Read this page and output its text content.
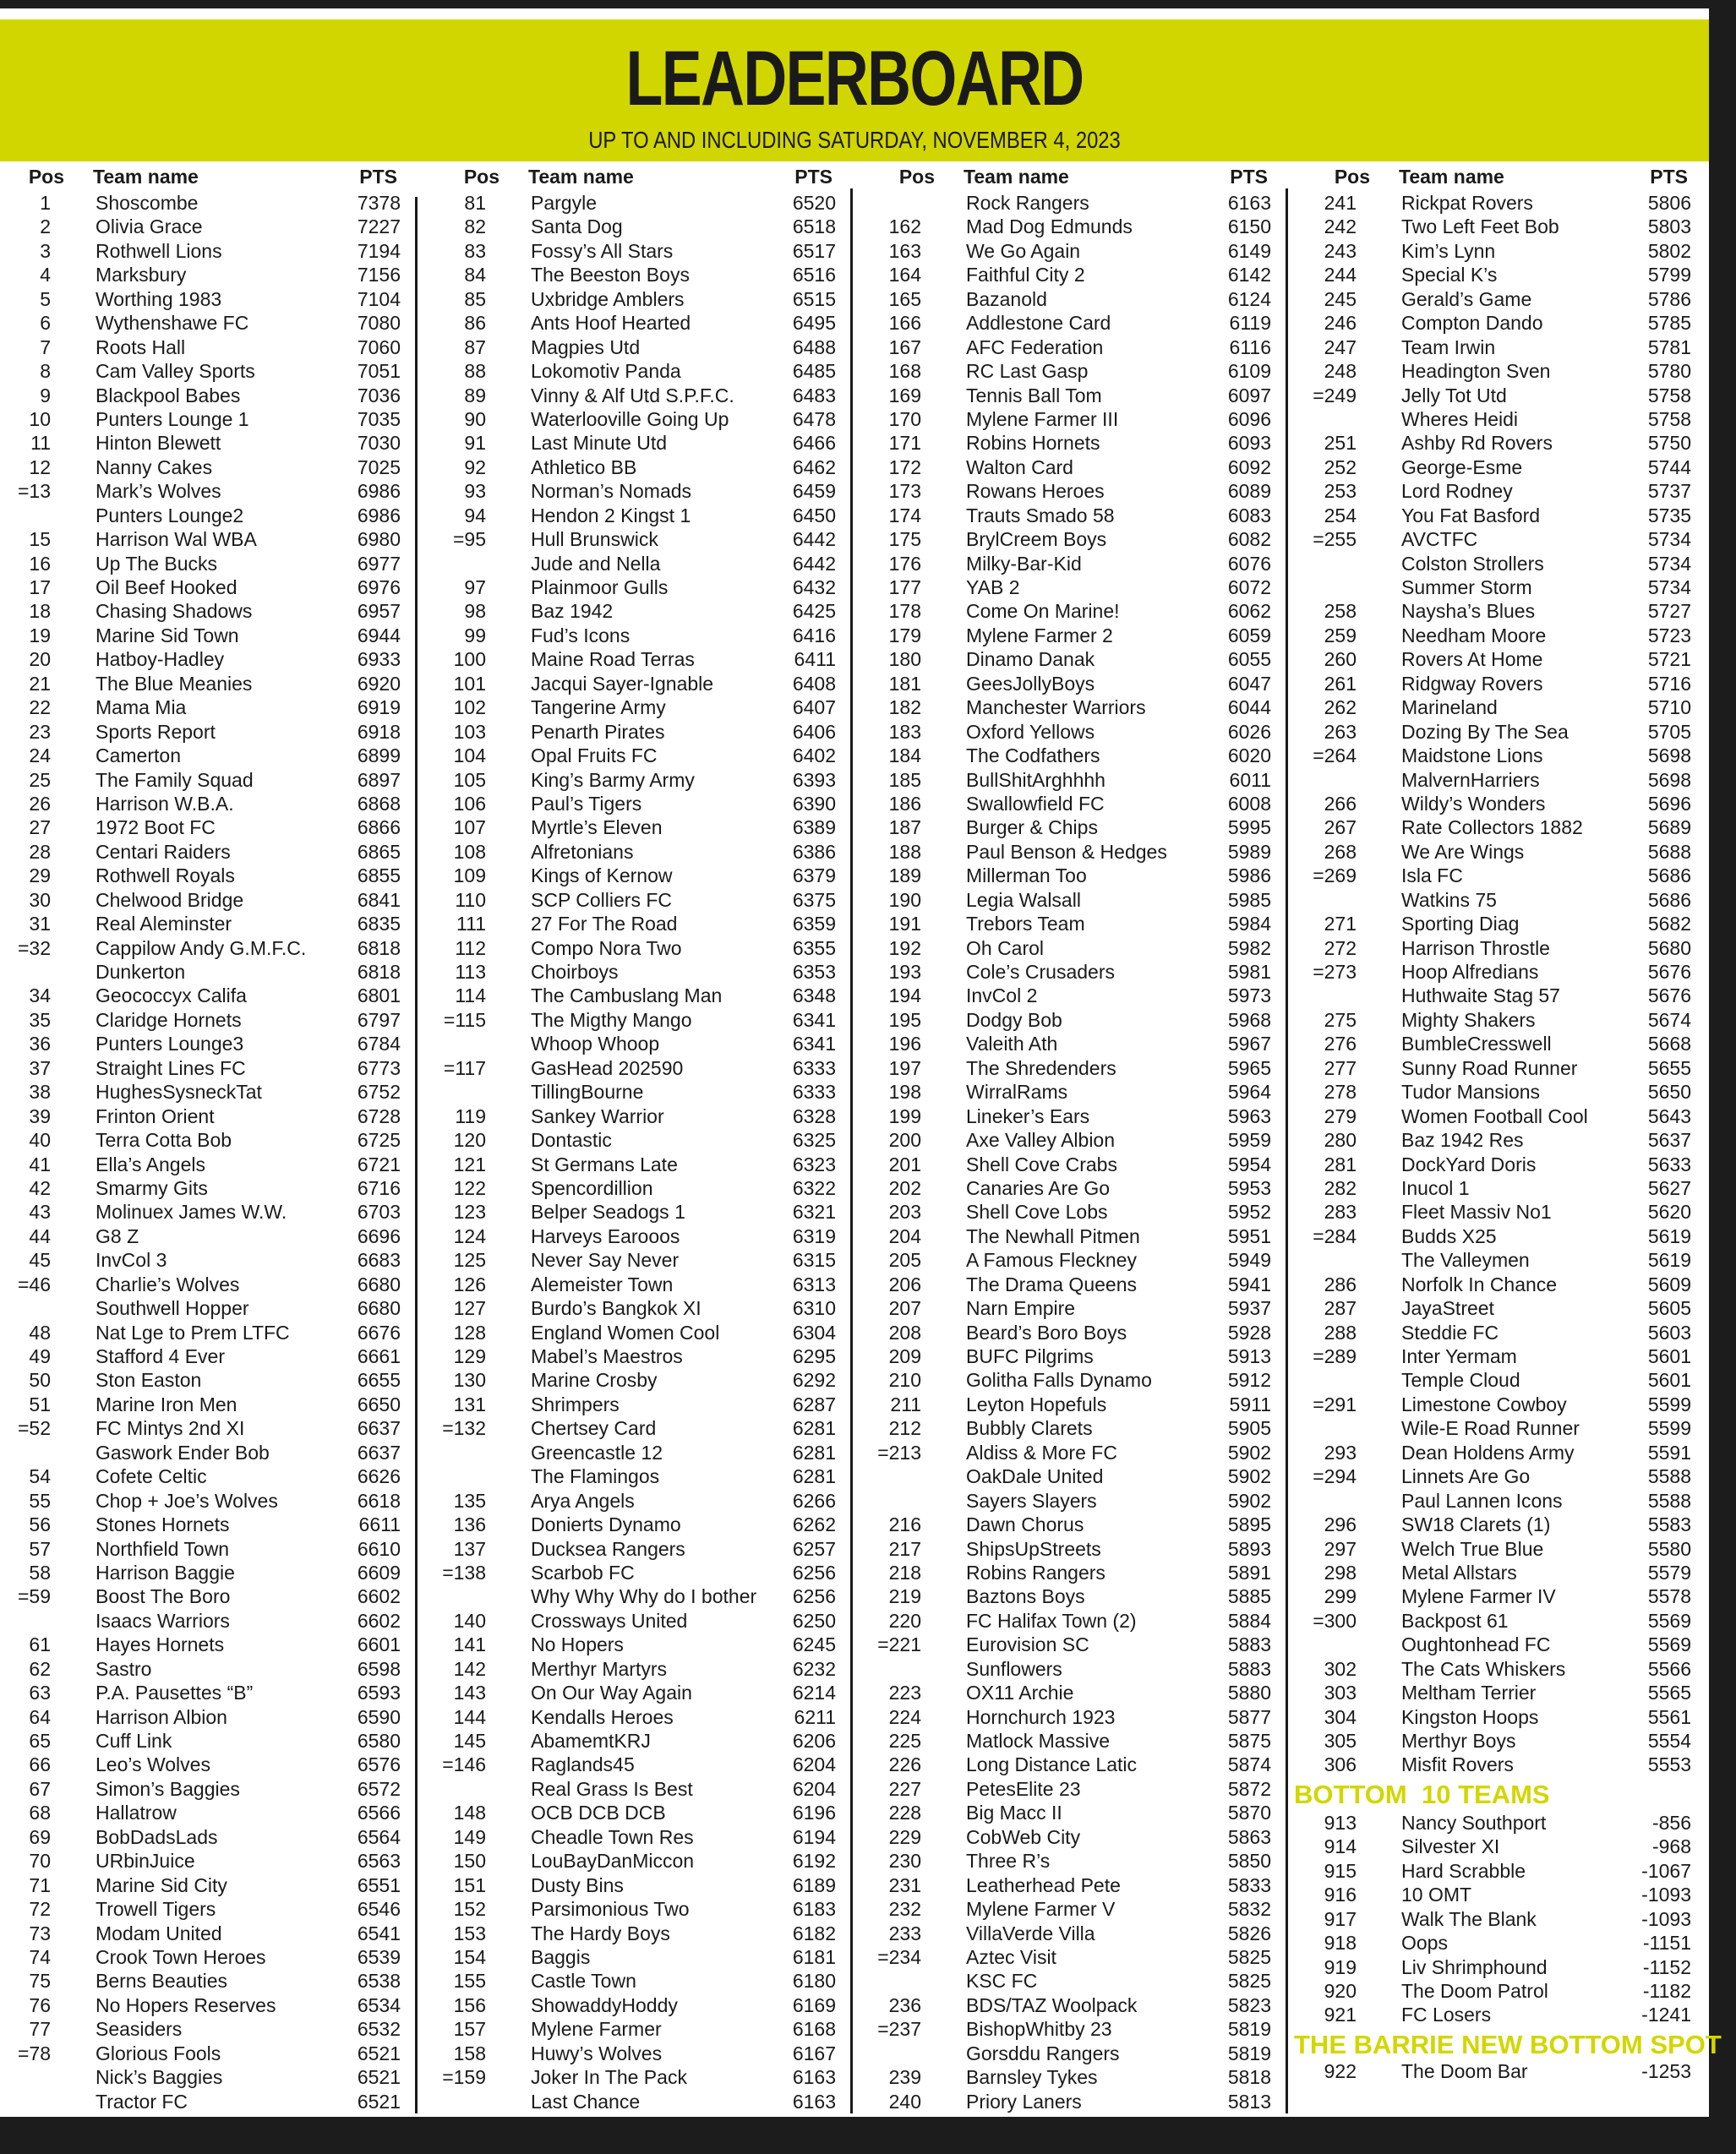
LEADERBOARD
UP TO AND INCLUDING SATURDAY, NOVEMBER 4, 2023
Pos Team name	PTS
1 Shoscombe	7378
2 Olivia Grace	7227
3 Rothwell Lions	7194
4 Marksbury	7156
5 Worthing 1983	7104
6 Wythenshawe FC	7080
7 Roots Hall	7060
8 Cam Valley Sports	7051
9 Blackpool Babes	7036
10 Punters Lounge 1	7035
11 Hinton Blewett	7030
12 Nanny Cakes	7025
=13 Mark’s Wolves	6986
Punters Lounge2	6986
15 Harrison Wal WBA	6980
16 Up The Bucks	6977
17 Oil Beef Hooked	6976
18 Chasing Shadows	6957
19 Marine Sid Town	6944
20 Hatboy-Hadley	6933
21 The Blue Meanies	6920
22 Mama Mia	6919
23 Sports Report	6918
24 Camerton	6899
25 The Family Squad	6897
26 Harrison W.B.A.	6868
27 1972 Boot FC	6866
28 Centari Raiders	6865
29 Rothwell Royals	6855
30 Chelwood Bridge	6841
31 Real Aleminster	6835
=32 Cappilow Andy G.M.F.C.	6818
Dunkerton	6818
34 Geococcyx Califa	6801
35 Claridge Hornets	6797
36 Punters Lounge3	6784
37 Straight Lines FC	6773
38 HughesSysneckTat	6752
39 Frinton Orient	6728
40 Terra Cotta Bob	6725
41 Ella’s Angels	6721
42 Smarmy Gits	6716
43 Molinuex James W.W.	6703
44 G8 Z	6696
45 InvCol 3	6683
=46 Charlie’s Wolves	6680
Southwell Hopper	6680
48 Nat Lge to Prem LTFC	6676
49 Stafford 4 Ever	6661
50 Ston Easton	6655
51 Marine Iron Men	6650
=52 FC Mintys 2nd XI	6637
Gaswork Ender Bob	6637
54 Cofete Celtic	6626
55 Chop + Joe’s Wolves	6618
56 Stones Hornets	6611
57 Northfield Town	6610
58 Harrison Baggie	6609
=59 Boost The Boro	6602
Isaacs Warriors	6602
61 Hayes Hornets	6601
62 Sastro	6598
63 P.A. Pausettes “B”	6593
64 Harrison Albion	6590
65 Cuff Link	6580
66 Leo’s Wolves	6576
67 Simon’s Baggies	6572
68 Hallatrow	6566
69 BobDadsLads	6564
70 URbinJuice	6563
71 Marine Sid City	6551
72 Trowell Tigers	6546
73 Modam United	6541
74 Crook Town Heroes	6539
75 Berns Beauties	6538
76 No Hopers Reserves	6534
77 Seasiders	6532
=78 Glorious Fools	6521
Nick’s Baggies	6521
Tractor FC	6521
Pos Team name	PTS
81 Pargyle	6520
82 Santa Dog	6518
83 Fossy’s All Stars	6517
84 The Beeston Boys	6516
85 Uxbridge Amblers	6515
86 Ants Hoof Hearted	6495
87 Magpies Utd	6488
88 Lokomotiv Panda	6485
89 Vinny & Alf Utd S.P.F.C.	6483
90 Waterlooville Going Up	6478
91 Last Minute Utd	6466
92 Athletico BB	6462
93 Norman’s Nomads	6459
94 Hendon 2 Kingst 1	6450
=95 Hull Brunswick	6442
Jude and Nella	6442
97 Plainmoor Gulls	6432
98 Baz 1942	6425
99 Fud’s Icons	6416
100 Maine Road Terras	6411
101 Jacqui Sayer-Ignable	6408
102 Tangerine Army	6407
103 Penarth Pirates	6406
104 Opal Fruits FC	6402
105 King’s Barmy Army	6393
106 Paul’s Tigers	6390
107 Myrtle’s Eleven	6389
108 Alfretonians	6386
109 Kings of Kernow	6379
110 SCP Colliers FC	6375
111 27 For The Road	6359
112 Compo Nora Two	6355
113 Choirboys	6353
114 The Cambuslang Man	6348
=115 The Migthy Mango	6341
Whoop Whoop	6341
=117 GasHead 202590	6333
TillingBourne	6333
119 Sankey Warrior	6328
120 Dontastic	6325
121 St Germans Late	6323
122 Spencordillion	6322
123 Belper Seadogs 1	6321
124 Harveys Earooos	6319
125 Never Say Never	6315
126 Alemeister Town	6313
127 Burdo’s Bangkok XI	6310
128 England Women Cool	6304
129 Mabel’s Maestros	6295
130 Marine Crosby	6292
131 Shrimpers	6287
=132 Chertsey Card	6281
Greencastle 12	6281
The Flamingos	6281
135 Arya Angels	6266
136 Donierts Dynamo	6262
137 Ducksea Rangers	6257
=138 Scarbob FC	6256
Why Why Why do I bother 6256
140 Crossways United	6250
141 No Hopers	6245
142 Merthyr Martyrs	6232
143 On Our Way Again	6214
144 Kendalls Heroes	6211
145 AbamemtKRJ	6206
=146 Raglands45	6204
Real Grass Is Best	6204
148 OCB DCB DCB	6196
149 Cheadle Town Res	6194
150 LouBayDanMiccon	6192
151 Dusty Bins	6189
152 Parsimonious Two	6183
153 The Hardy Boys	6182
154 Baggis	6181
155 Castle Town	6180
156 ShowaddyHoddy	6169
157 Mylene Farmer	6168
158 Huwy’s Wolves	6167
=159 Joker In The Pack	6163
Last Chance	6163
Pos Team name	PTS
Rock Rangers	6163
162 Mad Dog Edmunds	6150
163 We Go Again	6149
164 Faithful City 2	6142
165 Bazanold	6124
166 Addlestone Card	6119
167 AFC Federation	6116
168 RC Last Gasp	6109
169 Tennis Ball Tom	6097
170 Mylene Farmer III	6096
171 Robins Hornets	6093
172 Walton Card	6092
173 Rowans Heroes	6089
174 Trauts Smado 58	6083
175 BrylCreem Boys	6082
176 Milky-Bar-Kid	6076
177 YAB 2	6072
178 Come On Marine!	6062
179 Mylene Farmer 2	6059
180 Dinamo Danak	6055
181 GeesJollyBoys	6047
182 Manchester Warriors	6044
183 Oxford Yellows	6026
184 The Codfathers	6020
185 BullShitArghhhh	6011
186 Swallowfield FC	6008
187 Burger & Chips	5995
188 Paul Benson & Hedges	5989
189 Millerman Too	5986
190 Legia Walsall	5985
191 Trebors Team	5984
192 Oh Carol	5982
193 Cole’s Crusaders	5981
194 InvCol 2	5973
195 Dodgy Bob	5968
196 Valeith Ath	5967
197 The Shredenders	5965
198 WirralRams	5964
199 Lineker’s Ears	5963
200 Axe Valley Albion	5959
201 Shell Cove Crabs	5954
202 Canaries Are Go	5953
203 Shell Cove Lobs	5952
204 The Newhall Pitmen	5951
205 A Famous Fleckney	5949
206 The Drama Queens	5941
207 Narn Empire	5937
208 Beard’s Boro Boys	5928
209 BUFC Pilgrims	5913
210 Golitha Falls Dynamo	5912
211 Leyton Hopefuls	5911
212 Bubbly Clarets	5905
=213 Aldiss & More FC	5902
OakDale United	5902
Sayers Slayers	5902
216 Dawn Chorus	5895
217 ShipsUpStreets	5893
218 Robins Rangers	5891
219 Baztons Boys	5885
220 FC Halifax Town (2)	5884
=221 Eurovision SC	5883
Sunflowers	5883
223 OX11 Archie	5880
224 Hornchurch 1923	5877
225 Matlock Massive	5875
226 Long Distance Latic	5874
227 PetesElite 23	5872
228 Big Macc II	5870
229 CobWeb City	5863
230 Three R’s	5850
231 Leatherhead Pete	5833
232 Mylene Farmer V	5832
233 VillaVerde Villa	5826
=234 Aztec Visit	5825
KSC FC	5825
236 BDS/TAZ Woolpack	5823
=237 BishopWhitby 23	5819
Gorsddu Rangers	5819
239 Barnsley Tykes	5818
240 Priory Laners	5813
Pos Team name	PTS
241 Rickpat Rovers	5806
242 Two Left Feet Bob	5803
243 Kim’s Lynn	5802
244 Special K’s	5799
245 Gerald’s Game	5786
246 Compton Dando	5785
247 Team Irwin	5781
248 Headington Sven	5780
=249 Jelly Tot Utd	5758
Wheres Heidi	5758
251 Ashby Rd Rovers	5750
252 George-Esme	5744
253 Lord Rodney	5737
254 You Fat Basford	5735
=255 AVCTFC	5734
Colston Strollers	5734
Summer Storm	5734
258 Naysha’s Blues	5727
259 Needham Moore	5723
260 Rovers At Home	5721
261 Ridgway Rovers	5716
262 Marineland	5710
263 Dozing By The Sea	5705
=264 Maidstone Lions	5698
MalvernHarriers	5698
266 Wildy’s Wonders	5696
267 Rate Collectors 1882	5689
268 We Are Wings	5688
=269 Isla FC	5686
Watkins 75	5686
271 Sporting Diag	5682
272 Harrison Throstle	5680
=273 Hoop Alfredians	5676
Huthwaite Stag 57	5676
275 Mighty Shakers	5674
276 BumbleCresswell	5668
277 Sunny Road Runner	5655
278 Tudor Mansions	5650
279 Women Football Cool	5643
280 Baz 1942 Res	5637
281 DockYard Doris	5633
282 Inucol 1	5627
283 Fleet Massiv No1	5620
=284 Budds X25	5619
The Valleymen	5619
286 Norfolk In Chance	5609
287 JayaStreet	5605
288 Steddie FC	5603
=289 Inter Yermam	5601
Temple Cloud	5601
=291 Limestone Cowboy	5599
Wile-E Road Runner	5599
293 Dean Holdens Army	5591
=294 Linnets Are Go	5588
Paul Lannen Icons	5588
296 SW18 Clarets (1)	5583
297 Welch True Blue	5580
298 Metal Allstars	5579
299 Mylene Farmer IV	5578
=300 Backpost 61	5569
Oughtonhead FC	5569
302 The Cats Whiskers	5566
303 Meltham Terrier	5565
304 Kingston Hoops	5561
305 Merthyr Boys	5554
306 Misfit Rovers	5553
BOTTOM  10 TEAMS
913 Nancy Southport	-856
914 Silvester XI	-968
915 Hard Scrabble	-1067
916 10 OMT	-1093
917 Walk The Blank	-1093
918 Oops	-1151
919 Liv Shrimphound	-1152
920 The Doom Patrol	-1182
921 FC Losers	-1241
THE BARRIE NEW BOTTOM SPOT
922 The Doom Bar	-1253
